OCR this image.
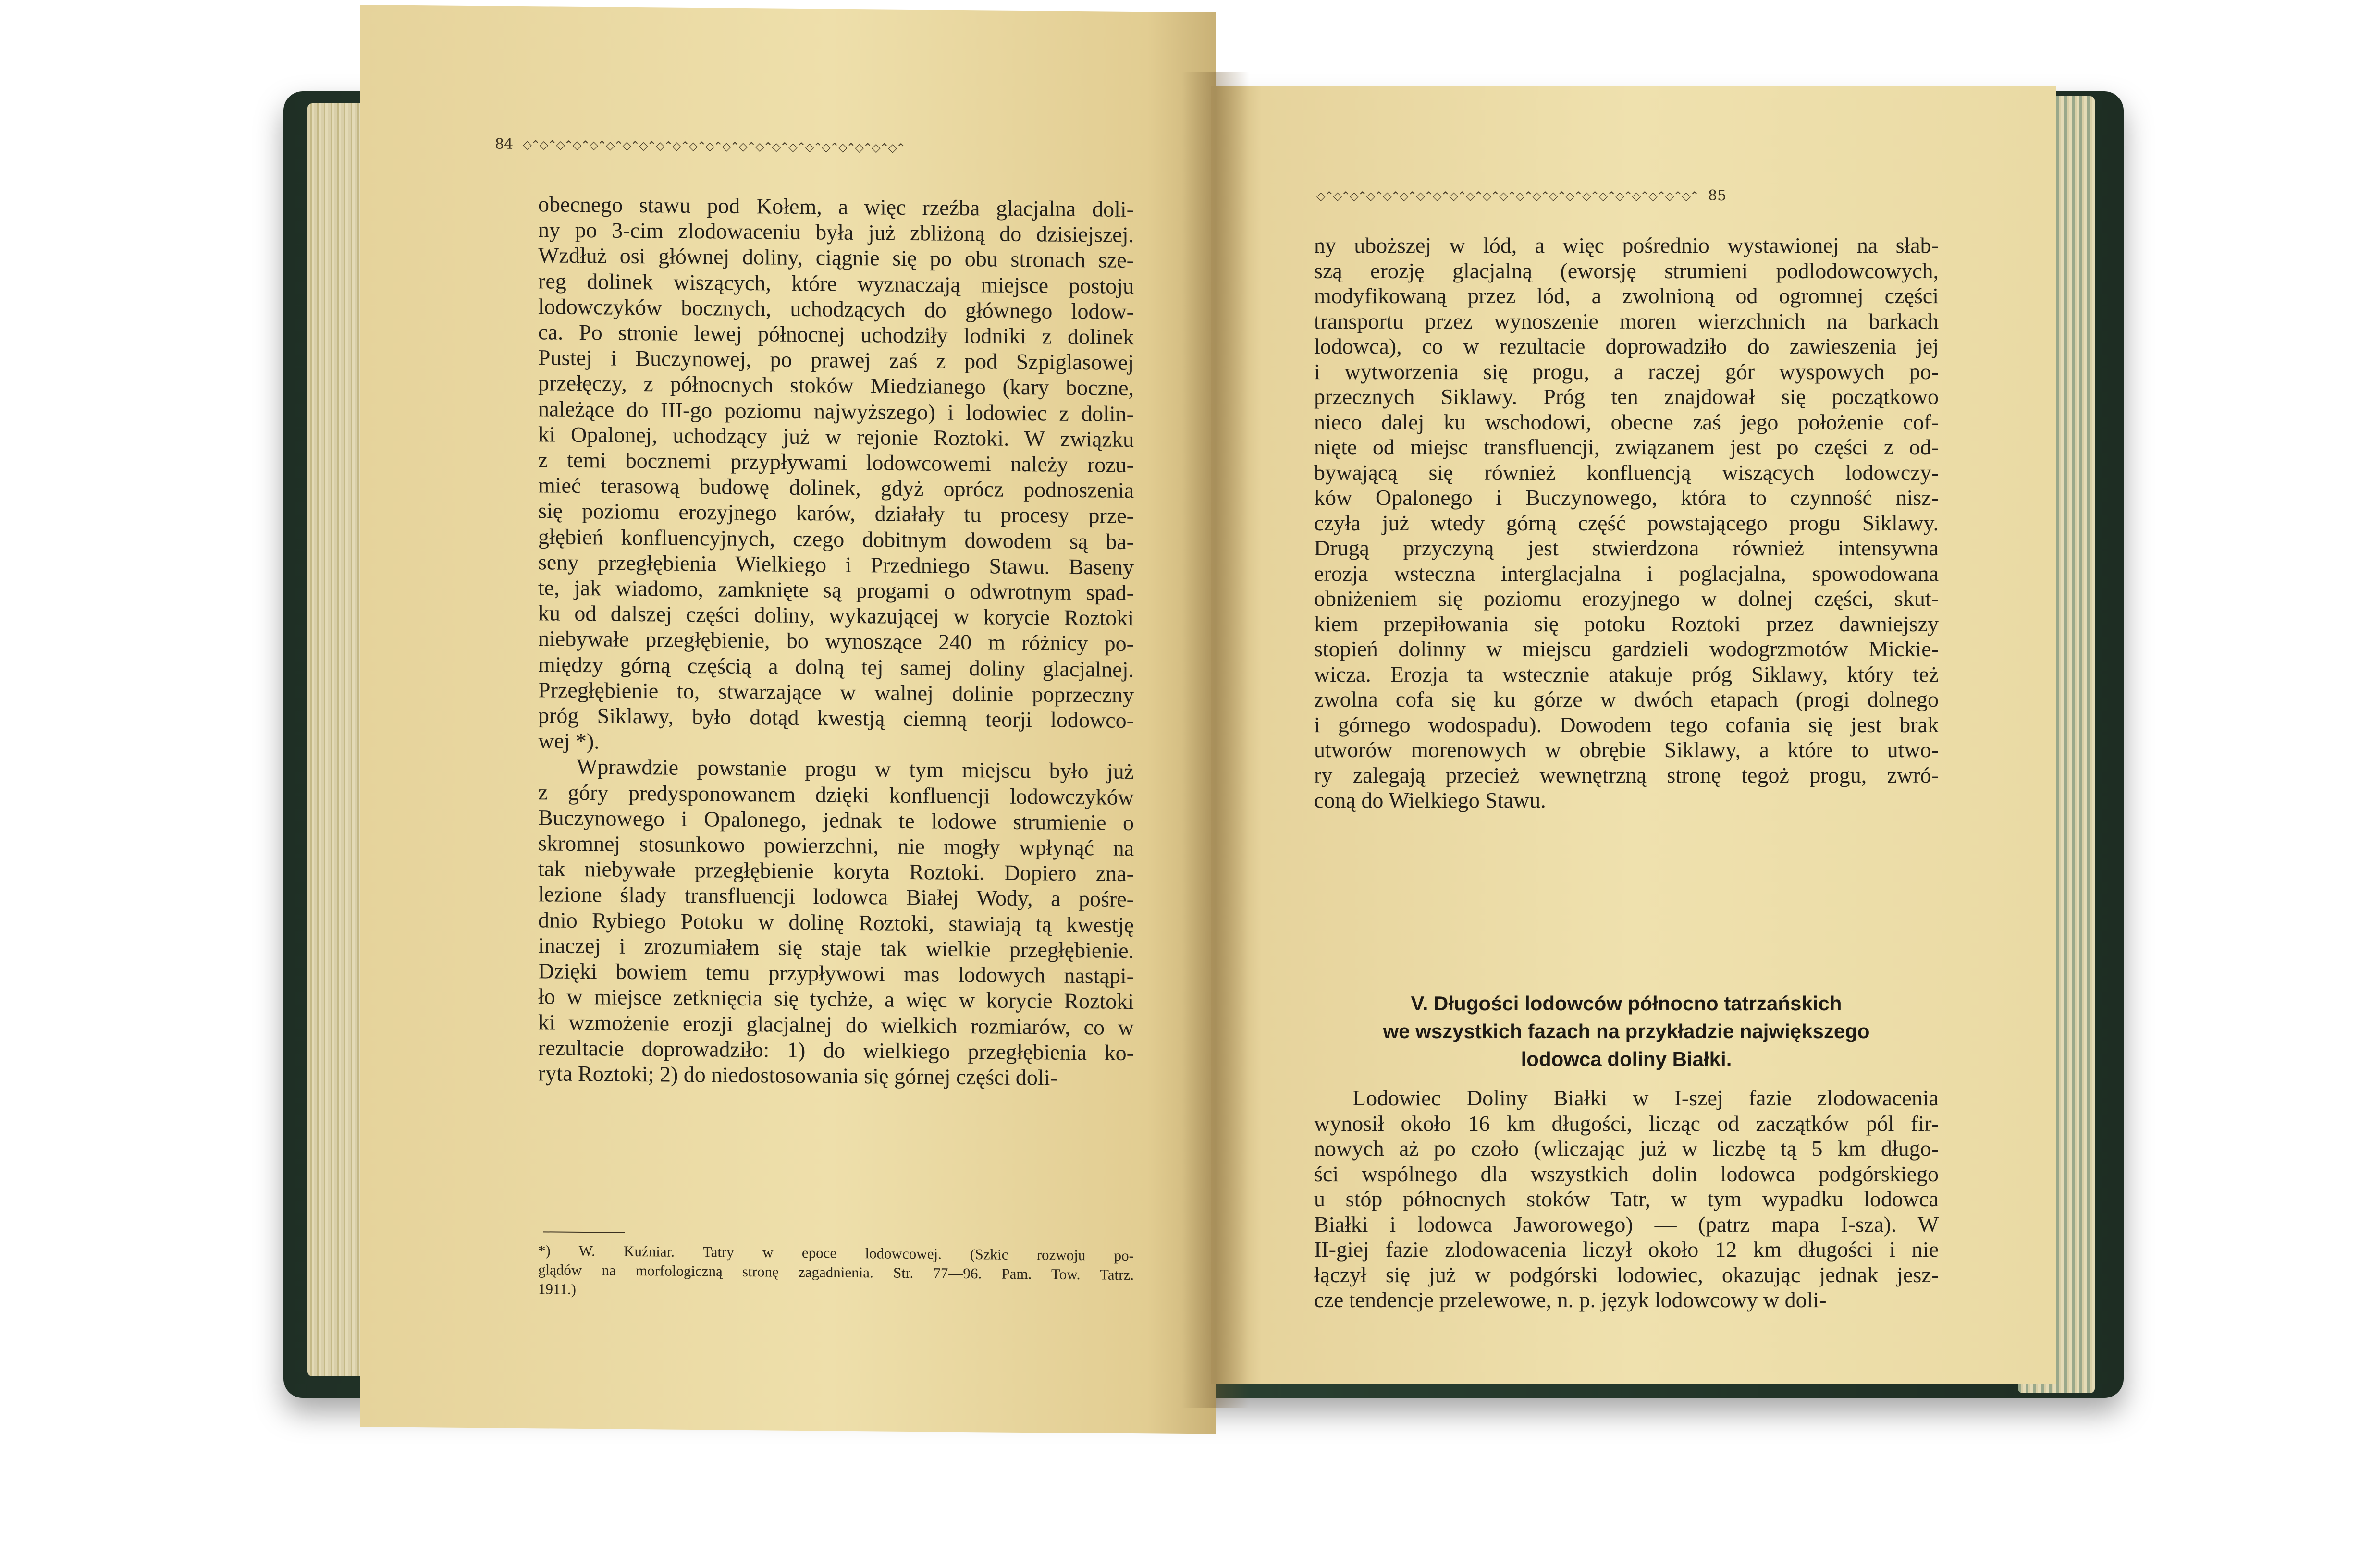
84 ◇⌃◇⌃◇⌃◇⌃◇⌃◇⌃◇⌃◇⌃◇⌃◇⌃◇⌃◇⌃◇⌃◇⌃◇⌃◇⌃◇⌃◇⌃◇⌃◇⌃◇⌃◇⌃◇⌃
obecnego stawu pod Kołem, a więc rzeźba glacjalna doli-
ny po 3-cim zlodowaceniu była już zbliżoną do dzisiejszej.
Wzdłuż osi głównej doliny, ciągnie się po obu stronach sze-
reg dolinek wiszących, które wyznaczają miejsce postoju
lodowczyków bocznych, uchodzących do głównego lodow-
ca. Po stronie lewej północnej uchodziły lodniki z dolinek
Pustej i Buczynowej, po prawej zaś z pod Szpiglasowej
przełęczy, z północnych stoków Miedzianego (kary boczne,
należące do III-go poziomu najwyższego) i lodowiec z dolin-
ki Opalonej, uchodzący już w rejonie Roztoki. W związku
z temi bocznemi przypływami lodowcowemi należy rozu-
mieć terasową budowę dolinek, gdyż oprócz podnoszenia
się poziomu erozyjnego karów, działały tu procesy prze-
głębień konfluencyjnych, czego dobitnym dowodem są ba-
seny przegłębienia Wielkiego i Przedniego Stawu. Baseny
te, jak wiadomo, zamknięte są progami o odwrotnym spad-
ku od dalszej części doliny, wykazującej w korycie Roztoki
niebywałe przegłębienie, bo wynoszące 240 m różnicy po-
między górną częścią a dolną tej samej doliny glacjalnej.
Przegłębienie to, stwarzające w walnej dolinie poprzeczny
próg Siklawy, było dotąd kwestją ciemną teorji lodowco-
wej *).
Wprawdzie powstanie progu w tym miejscu było już
z góry predysponowanem dzięki konfluencji lodowczyków
Buczynowego i Opalonego, jednak te lodowe strumienie o
skromnej stosunkowo powierzchni, nie mogły wpłynąć na
tak niebywałe przegłębienie koryta Roztoki. Dopiero zna-
lezione ślady transfluencji lodowca Białej Wody, a pośre-
dnio Rybiego Potoku w dolinę Roztoki, stawiają tą kwestję
inaczej i zrozumiałem się staje tak wielkie przegłębienie.
Dzięki bowiem temu przypływowi mas lodowych nastąpi-
ło w miejsce zetknięcia się tychże, a więc w korycie Roztoki
ki wzmożenie erozji glacjalnej do wielkich rozmiarów, co w
rezultacie doprowadziło: 1) do wielkiego przegłębienia ko-
ryta Roztoki; 2) do niedostosowania się górnej części doli-
*) W. Kuźniar. Tatry w epoce lodowcowej. (Szkic rozwoju po-
glądów na morfologiczną stronę zagadnienia. Str. 77—96. Pam. Tow. Tatrz.
1911.)
◇⌃◇⌃◇⌃◇⌃◇⌃◇⌃◇⌃◇⌃◇⌃◇⌃◇⌃◇⌃◇⌃◇⌃◇⌃◇⌃◇⌃◇⌃◇⌃◇⌃◇⌃◇⌃◇⌃ 85
ny uboższej w lód, a więc pośrednio wystawionej na słab-
szą erozję glacjalną (eworsję strumieni podlodowcowych,
modyfikowaną przez lód, a zwolnioną od ogromnej części
transportu przez wynoszenie moren wierzchnich na barkach
lodowca), co w rezultacie doprowadziło do zawieszenia jej
i wytworzenia się progu, a raczej gór wyspowych po-
przecznych Siklawy. Próg ten znajdował się początkowo
nieco dalej ku wschodowi, obecne zaś jego położenie cof-
nięte od miejsc transfluencji, związanem jest po części z od-
bywającą się również konfluencją wiszących lodowczy-
ków Opalonego i Buczynowego, która to czynność nisz-
czyła już wtedy górną część powstającego progu Siklawy.
Drugą przyczyną jest stwierdzona również intensywna
erozja wsteczna interglacjalna i poglacjalna, spowodowana
obniżeniem się poziomu erozyjnego w dolnej części, skut-
kiem przepiłowania się potoku Roztoki przez dawniejszy
stopień dolinny w miejscu gardzieli wodogrzmotów Mickie-
wicza. Erozja ta wstecznie atakuje próg Siklawy, który też
zwolna cofa się ku górze w dwóch etapach (progi dolnego
i górnego wodospadu). Dowodem tego cofania się jest brak
utworów morenowych w obrębie Siklawy, a które to utwo-
ry zalegają przecież wewnętrzną stronę tegoż progu, zwró-
coną do Wielkiego Stawu.
V. Długości lodowców północno tatrzańskich
we wszystkich fazach na przykładzie największego
lodowca doliny Białki.
Lodowiec Doliny Białki w I-szej fazie zlodowacenia
wynosił około 16 km długości, licząc od zaczątków pól fir-
nowych aż po czoło (wliczając już w liczbę tą 5 km długo-
ści wspólnego dla wszystkich dolin lodowca podgórskiego
u stóp północnych stoków Tatr, w tym wypadku lodowca
Białki i lodowca Jaworowego) — (patrz mapa I-sza). W
II-giej fazie zlodowacenia liczył około 12 km długości i nie
łączył się już w podgórski lodowiec, okazując jednak jesz-
cze tendencje przelewowe, n. p. język lodowcowy w doli-
